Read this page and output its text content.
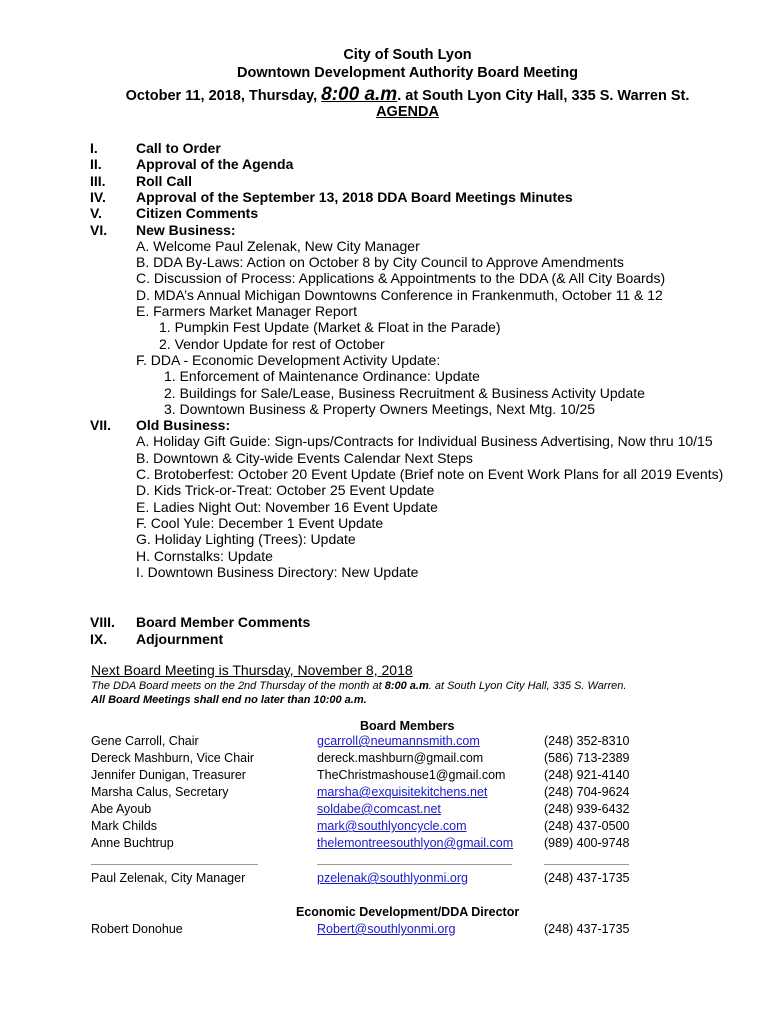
City of South Lyon
Downtown Development Authority Board Meeting
October 11, 2018, Thursday, 8:00 a.m. at South Lyon City Hall, 335 S. Warren St.
AGENDA
I.	Call to Order
II. Approval of the Agenda
III. Roll Call
IV. Approval of the September 13, 2018 DDA Board Meetings Minutes
V. Citizen Comments
VI. New Business:
A. Welcome Paul Zelenak, New City Manager
B. DDA By-Laws: Action on October 8 by City Council to Approve Amendments
C. Discussion of Process: Applications & Appointments to the DDA (& All City Boards)
D. MDA’s Annual Michigan Downtowns Conference in Frankenmuth, October 11 & 12
E. Farmers Market Manager Report
1. Pumpkin Fest Update (Market & Float in the Parade)
2. Vendor Update for rest of October
F. DDA - Economic Development Activity Update:
1. Enforcement of Maintenance Ordinance: Update
2. Buildings for Sale/Lease, Business Recruitment & Business Activity Update
3. Downtown Business & Property Owners Meetings, Next Mtg. 10/25
VII. Old Business:
A. Holiday Gift Guide: Sign-ups/Contracts for Individual Business Advertising, Now thru 10/15
B. Downtown & City-wide Events Calendar Next Steps
C. Brotoberfest: October 20 Event Update (Brief note on Event Work Plans for all 2019 Events)
D. Kids Trick-or-Treat: October 25 Event Update
E. Ladies Night Out: November 16 Event Update
F. Cool Yule: December 1 Event Update
G. Holiday Lighting (Trees): Update
H. Cornstalks: Update
I. Downtown Business Directory: New Update
VIII. Board Member Comments
IX. Adjournment
Next Board Meeting is Thursday, November 8, 2018
The DDA Board meets on the 2nd Thursday of the month at 8:00 a.m. at South Lyon City Hall, 335 S. Warren.
All Board Meetings shall end no later than 10:00 a.m.
Board Members
Gene Carroll, Chair	gcarroll@neumannsmith.com	(248) 352-8310
Dereck Mashburn, Vice Chair	dereck.mashburn@gmail.com	(586) 713-2389
Jennifer Dunigan, Treasurer	TheChristmashouse1@gmail.com	(248) 921-4140
Marsha Calus, Secretary	marsha@exquisitekitchens.net	(248) 704-9624
Abe Ayoub	soldabe@comcast.net	(248) 939-6432
Mark Childs	mark@southlyoncycle.com	(248) 437-0500
Anne Buchtrup	thelemontreesouthlyon@gmail.com (989) 400-9748
Paul Zelenak, City Manager	pzelenak@southlyonmi.org	(248) 437-1735
Economic Development/DDA Director
Robert Donohue	Robert@southlyonmi.org	(248) 437-1735
